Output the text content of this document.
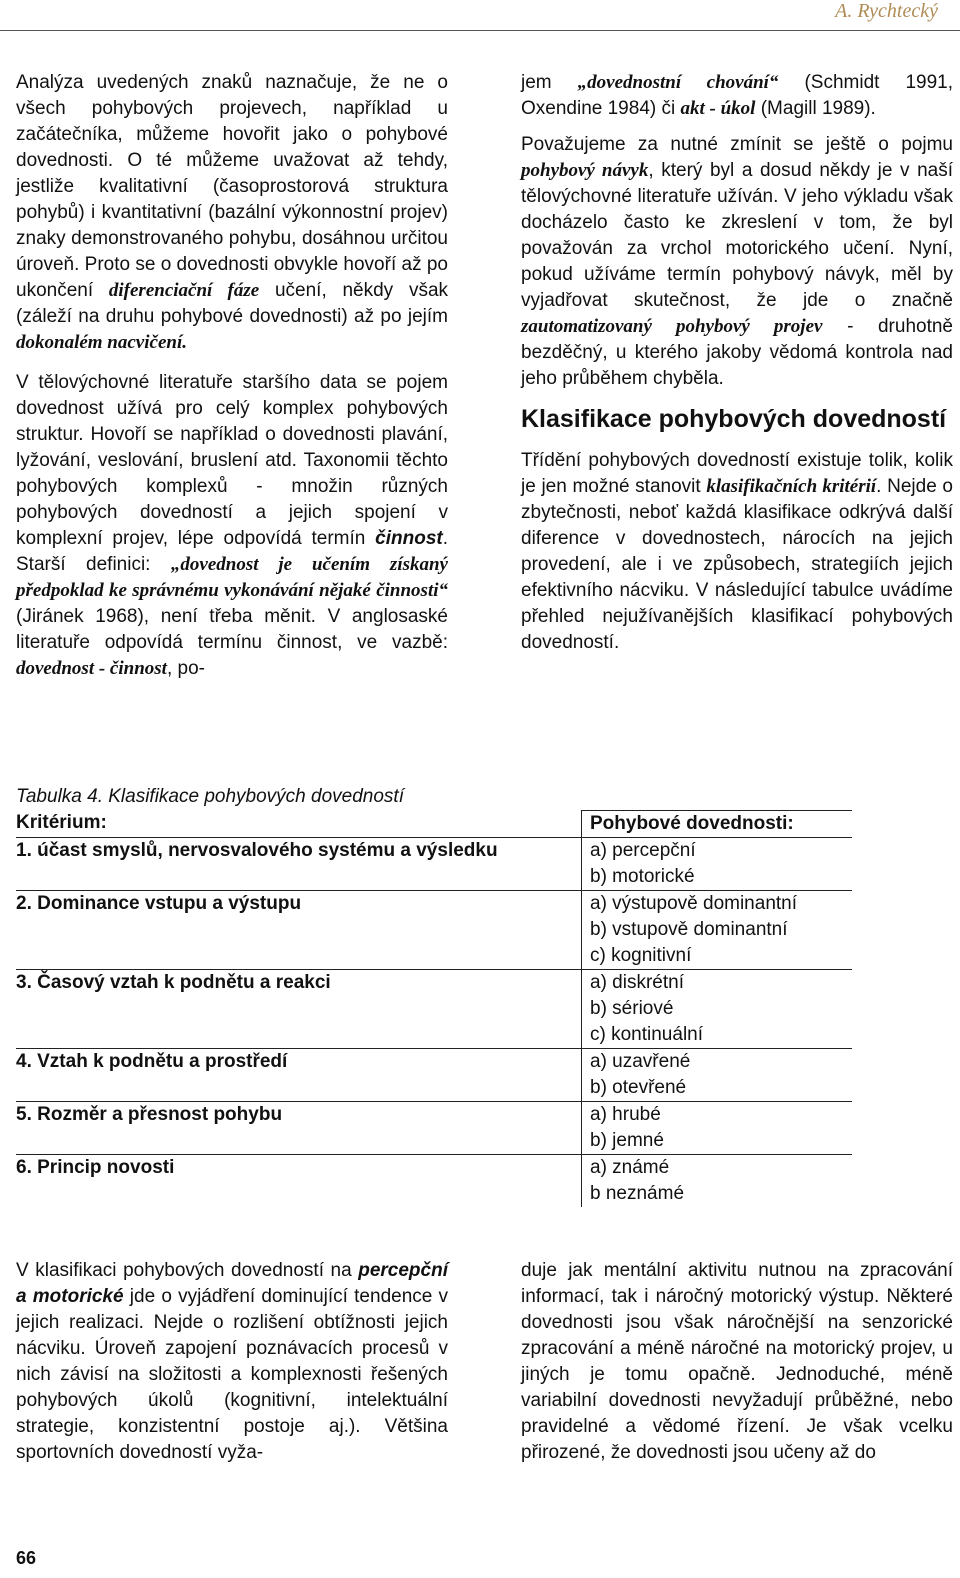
A. Rychtecký

Analýza uvedených znaků naznačuje, že ne o všech pohybových projevech, například u začátečníka, můžeme hovořit jako o pohybové dovednosti. O té můžeme uvažovat až tehdy, jestliže kvalitativní (časoprostorová struktura pohybů) i kvantitativní (bazální výkonnostní projev) znaky demonstrovaného pohybu, dosáhnou určitou úroveň. Proto se o dovednosti obvykle hovoří až po ukončení diferenciační fáze učení, někdy však (záleží na druhu pohybové dovednosti) až po jejím dokonalém nacvičení.

V tělovýchovné literatuře staršího data se pojem dovednost užívá pro celý komplex pohybových struktur. Hovoří se například o dovednosti plavání, lyžování, veslování, bruslení atd. Taxonomii těchto pohybových komplexů - množin různých pohybových dovedností a jejich spojení v komplexní projev, lépe odpovídá termín činnost. Starší definici: „dovednost je učením získaný předpoklad ke správnému vykonávání nějaké činnosti“ (Jiránek 1968), není třeba měnit. V anglosaské literatuře odpovídá termínu činnost, ve vazbě: dovednost - činnost, po-

jem „dovednostní chování“ (Schmidt 1991, Oxendine 1984) či akt - úkol (Magill 1989).

Považujeme za nutné zmínit se ještě o pojmu pohybový návyk, který byl a dosud někdy je v naší tělovýchovné literatuře užíván. V jeho výkladu však docházelo často ke zkreslení v tom, že byl považován za vrchol motorického učení. Nyní, pokud užíváme termín pohybový návyk, měl by vyjadřovat skutečnost, že jde o značně zautomatizovaný pohybový projev - druhotně bezděčný, u kterého jakoby vědomá kontrola nad jeho průběhem chyběla.

Klasifikace pohybových dovedností

Třídění pohybových dovedností existuje tolik, kolik je jen možné stanovit klasifikačních kritérií. Nejde o zbytečnosti, neboť každá klasifikace odkrývá další diference v dovednostech, nárocích na jejich provedení, ale i ve způsobech, strategiích jejich efektivního nácviku. V následující tabulce uvádíme přehled nejužívanějších klasifikací pohybových dovedností.

Tabulka 4. Klasifikace pohybových dovedností
Kritérium:	Pohybové dovednosti:
1. účast smyslů, nervosvalového systému a výsledku	a) percepční
b) motorické
2. Dominance vstupu a výstupu	a) výstupově dominantní
b) vstupově dominantní
c) kognitivní
3. Časový vztah k podnětu a reakci	a) diskrétní
b) sériové
c) kontinuální
4. Vztah k podnětu a prostředí	a) uzavřené
b) otevřené
5. Rozměr a přesnost pohybu	a) hrubé
b) jemné
6. Princip novosti	a) známé
b neznámé

V klasifikaci pohybových dovedností na percepční a motorické jde o vyjádření dominující tendence v jejich realizaci. Nejde o rozlišení obtížnosti jejich nácviku. Úroveň zapojení poznávacích procesů v nich závisí na složitosti a komplexnosti řešených pohybových úkolů (kognitivní, intelektuální strategie, konzistentní postoje aj.). Většina sportovních dovedností vyža-

duje jak mentální aktivitu nutnou na zpracování informací, tak i náročný motorický výstup. Některé dovednosti jsou však náročnější na senzorické zpracování a méně náročné na motorický projev, u jiných je tomu opačně. Jednoduché, méně variabilní dovednosti nevyžadují průběžné, nebo pravidelné a vědomé řízení. Je však vcelku přirozené, že dovednosti jsou učeny až do

66
